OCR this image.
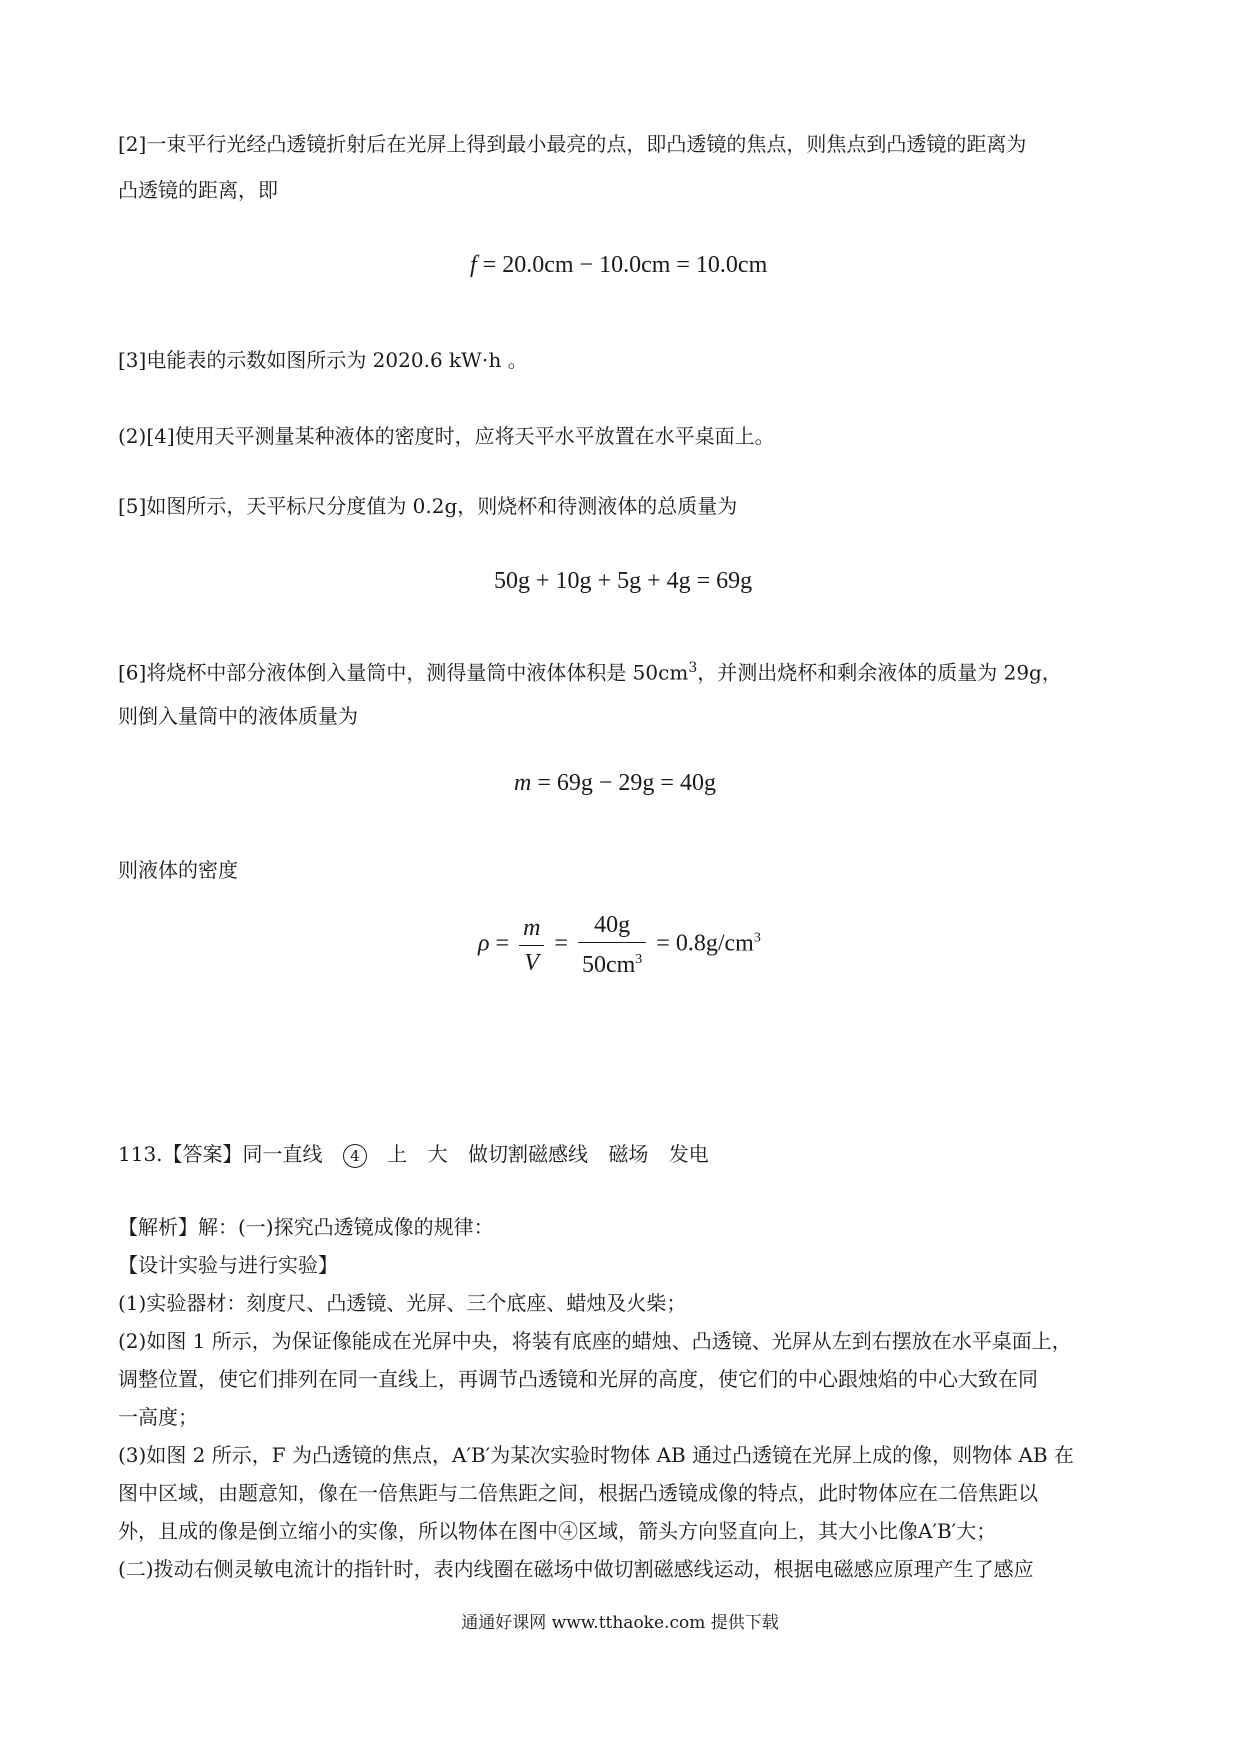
[2]一束平行光经凸透镜折射后在光屏上得到最小最亮的点，即凸透镜的焦点，则焦点到凸透镜的距离为
凸透镜的距离，即
f = 20.0cm − 10.0cm = 10.0cm
[3]电能表的示数如图所示为 2020.6 kW⋅h 。
(2)[4]使用天平测量某种液体的密度时，应将天平水平放置在水平桌面上。
[5]如图所示，天平标尺分度值为 0.2g，则烧杯和待测液体的总质量为
50g + 10g + 5g + 4g = 69g
[6]将烧杯中部分液体倒入量筒中，测得量筒中液体体积是 $50cm^3$，并测出烧杯和剩余液体的质量为 29g，
则倒入量筒中的液体质量为
m = 69g − 29g = 40g
则液体的密度
$\rho = \frac{m}{V} = \frac{40g}{50cm^3} = 0.8g/cm^3$
113.【答案】同一直线 4 上 大 做切割磁感线 磁场 发电
【解析】解：(一)探究凸透镜成像的规律：
【设计实验与进行实验】
(1)实验器材：刻度尺、凸透镜、光屏、三个底座、蜡烛及火柴；
(2)如图 1 所示，为保证像能成在光屏中央，将装有底座的蜡烛、凸透镜、光屏从左到右摆放在水平桌面上，
调整位置，使它们排列在同一直线上，再调节凸透镜和光屏的高度，使它们的中心跟烛焰的中心大致在同
一高度；
(3)如图 2 所示，F 为凸透镜的焦点，A′B′为某次实验时物体 AB 通过凸透镜在光屏上成的像，则物体 AB 在
图中区域，由题意知，像在一倍焦距与二倍焦距之间，根据凸透镜成像的特点，此时物体应在二倍焦距以
外，且成的像是倒立缩小的实像，所以物体在图中④区域，箭头方向竖直向上，其大小比像A′B′大；
(二)拨动右侧灵敏电流计的指针时，表内线圈在磁场中做切割磁感线运动，根据电磁感应原理产生了感应
通通好课网 www.tthaoke.com 提供下载
